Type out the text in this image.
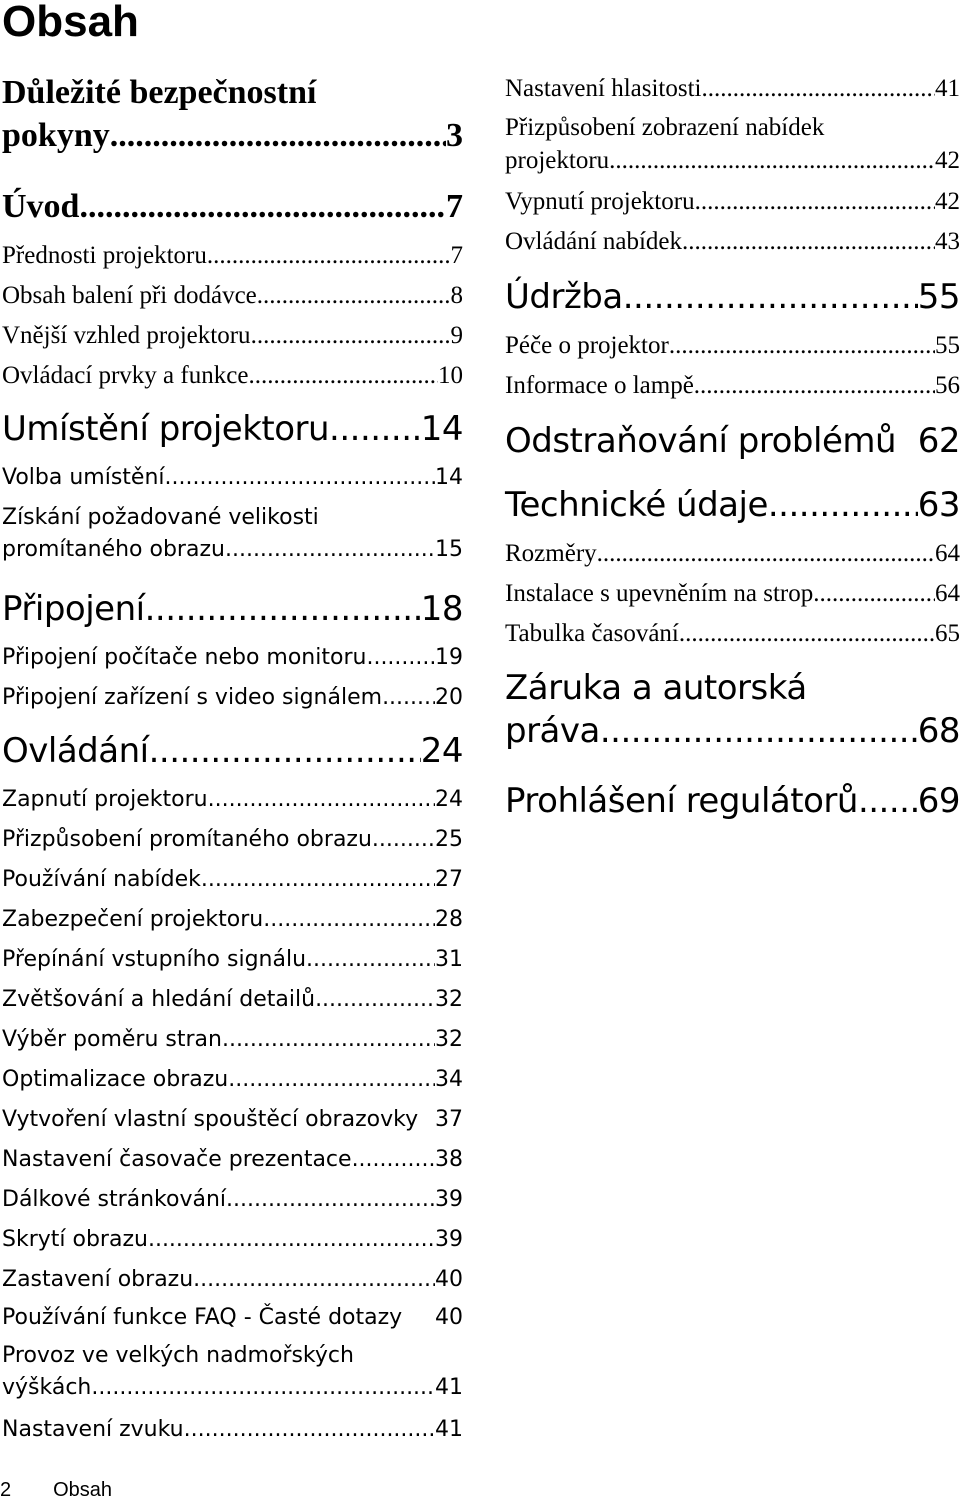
Obsah
Důležité bezpečnostní
pokyny .....	3
Úvod .....	7
Přednosti projektoru .....	7
Obsah balení při dodávce .....	8
Vnější vzhled projektoru .....	9
Ovládací prvky a funkce .....	10
Umístění projektoru .....	14
Volba umístění .....	14
Získání požadované velikosti
promítaného obrazu .....	15
Připojení .....	18
Připojení počítače nebo monitoru .....	19
Připojení zařízení s video signálem ..... 20
Ovládání .....	24
Zapnutí projektoru .....	24
Přizpůsobení promítaného obrazu .....	25
Používání nabídek .....	27
Zabezpečení projektoru .....	28
Přepínání vstupního signálu .....	31
Zvětšování a hledání detailů .....	32
Výběr poměru stran .....	32
Optimalizace obrazu .....	34
Vytvoření vlastní spouštěcí obrazovky 37
Nastavení časovače prezentace .....	38
Dálkové stránkování .....	39
Skrytí obrazu .....	39
Zastavení obrazu .....	40
Používání funkce FAQ - Časté dotazy 40
Provoz ve velkých nadmořských
výškách .....	41
Nastavení zvuku .....	41
Nastavení hlasitosti .....	41
Přizpůsobení zobrazení nabídek
projektoru .....	42
Vypnutí projektoru .....	42
Ovládání nabídek .....	43
Údržba .....	55
Péče o projektor .....	55
Informace o lampě .....	56
Odstraňování problémů 62
Technické údaje .....	63
Rozměry .....	64
Instalace s upevněním na strop .....	64
Tabulka časování .....	65
Záruka a autorská
práva .....	68
Prohlášení regulátorů ..... 69
2 Obsah
